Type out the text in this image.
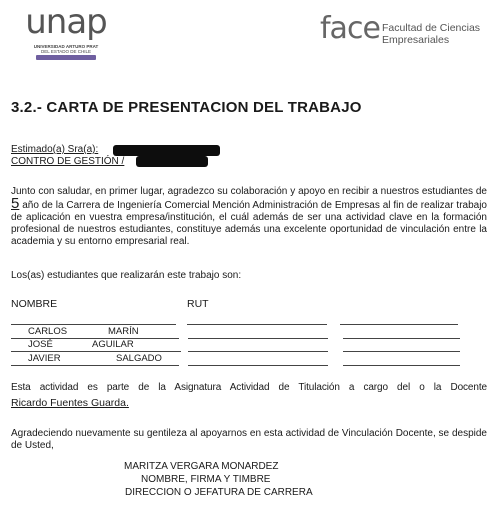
unap
UNIVERSIDAD ARTURO PRAT
DEL ESTADO DE CHILE
face Facultad de Ciencias
Empresariales
3.2.- CARTA DE PRESENTACION DEL TRABAJO
Estimado(a) Sra(a):
CONTRO DE GESTIÓN /
Junto con saludar, en primer lugar, agradezco su colaboración y apoyo en recibir a nuestros estudiantes de 5 año de la Carrera de Ingeniería Comercial Mención Administración de Empresas al fin de realizar trabajo de aplicación en vuestra empresa/institución, el cuál además de ser una actividad clave en la formación profesional de nuestros estudiantes, constituye además una excelente oportunidad de vinculación entre la academia y su entorno empresarial real.
Los(as) estudiantes que realizarán este trabajo son:
NOMBRE	RUT
CARLOS	MARÍN
JOSÉ	AGUILAR
JAVIER	SALGADO
Esta actividad es parte de la Asignatura Actividad de Titulación a cargo del o la Docente
Ricardo Fuentes Guarda.
Agradeciendo nuevamente su gentileza al apoyarnos en esta actividad de Vinculación Docente, se despide de Usted,
MARITZA VERGARA MONARDEZ
NOMBRE, FIRMA Y TIMBRE
DIRECCION O JEFATURA DE CARRERA
